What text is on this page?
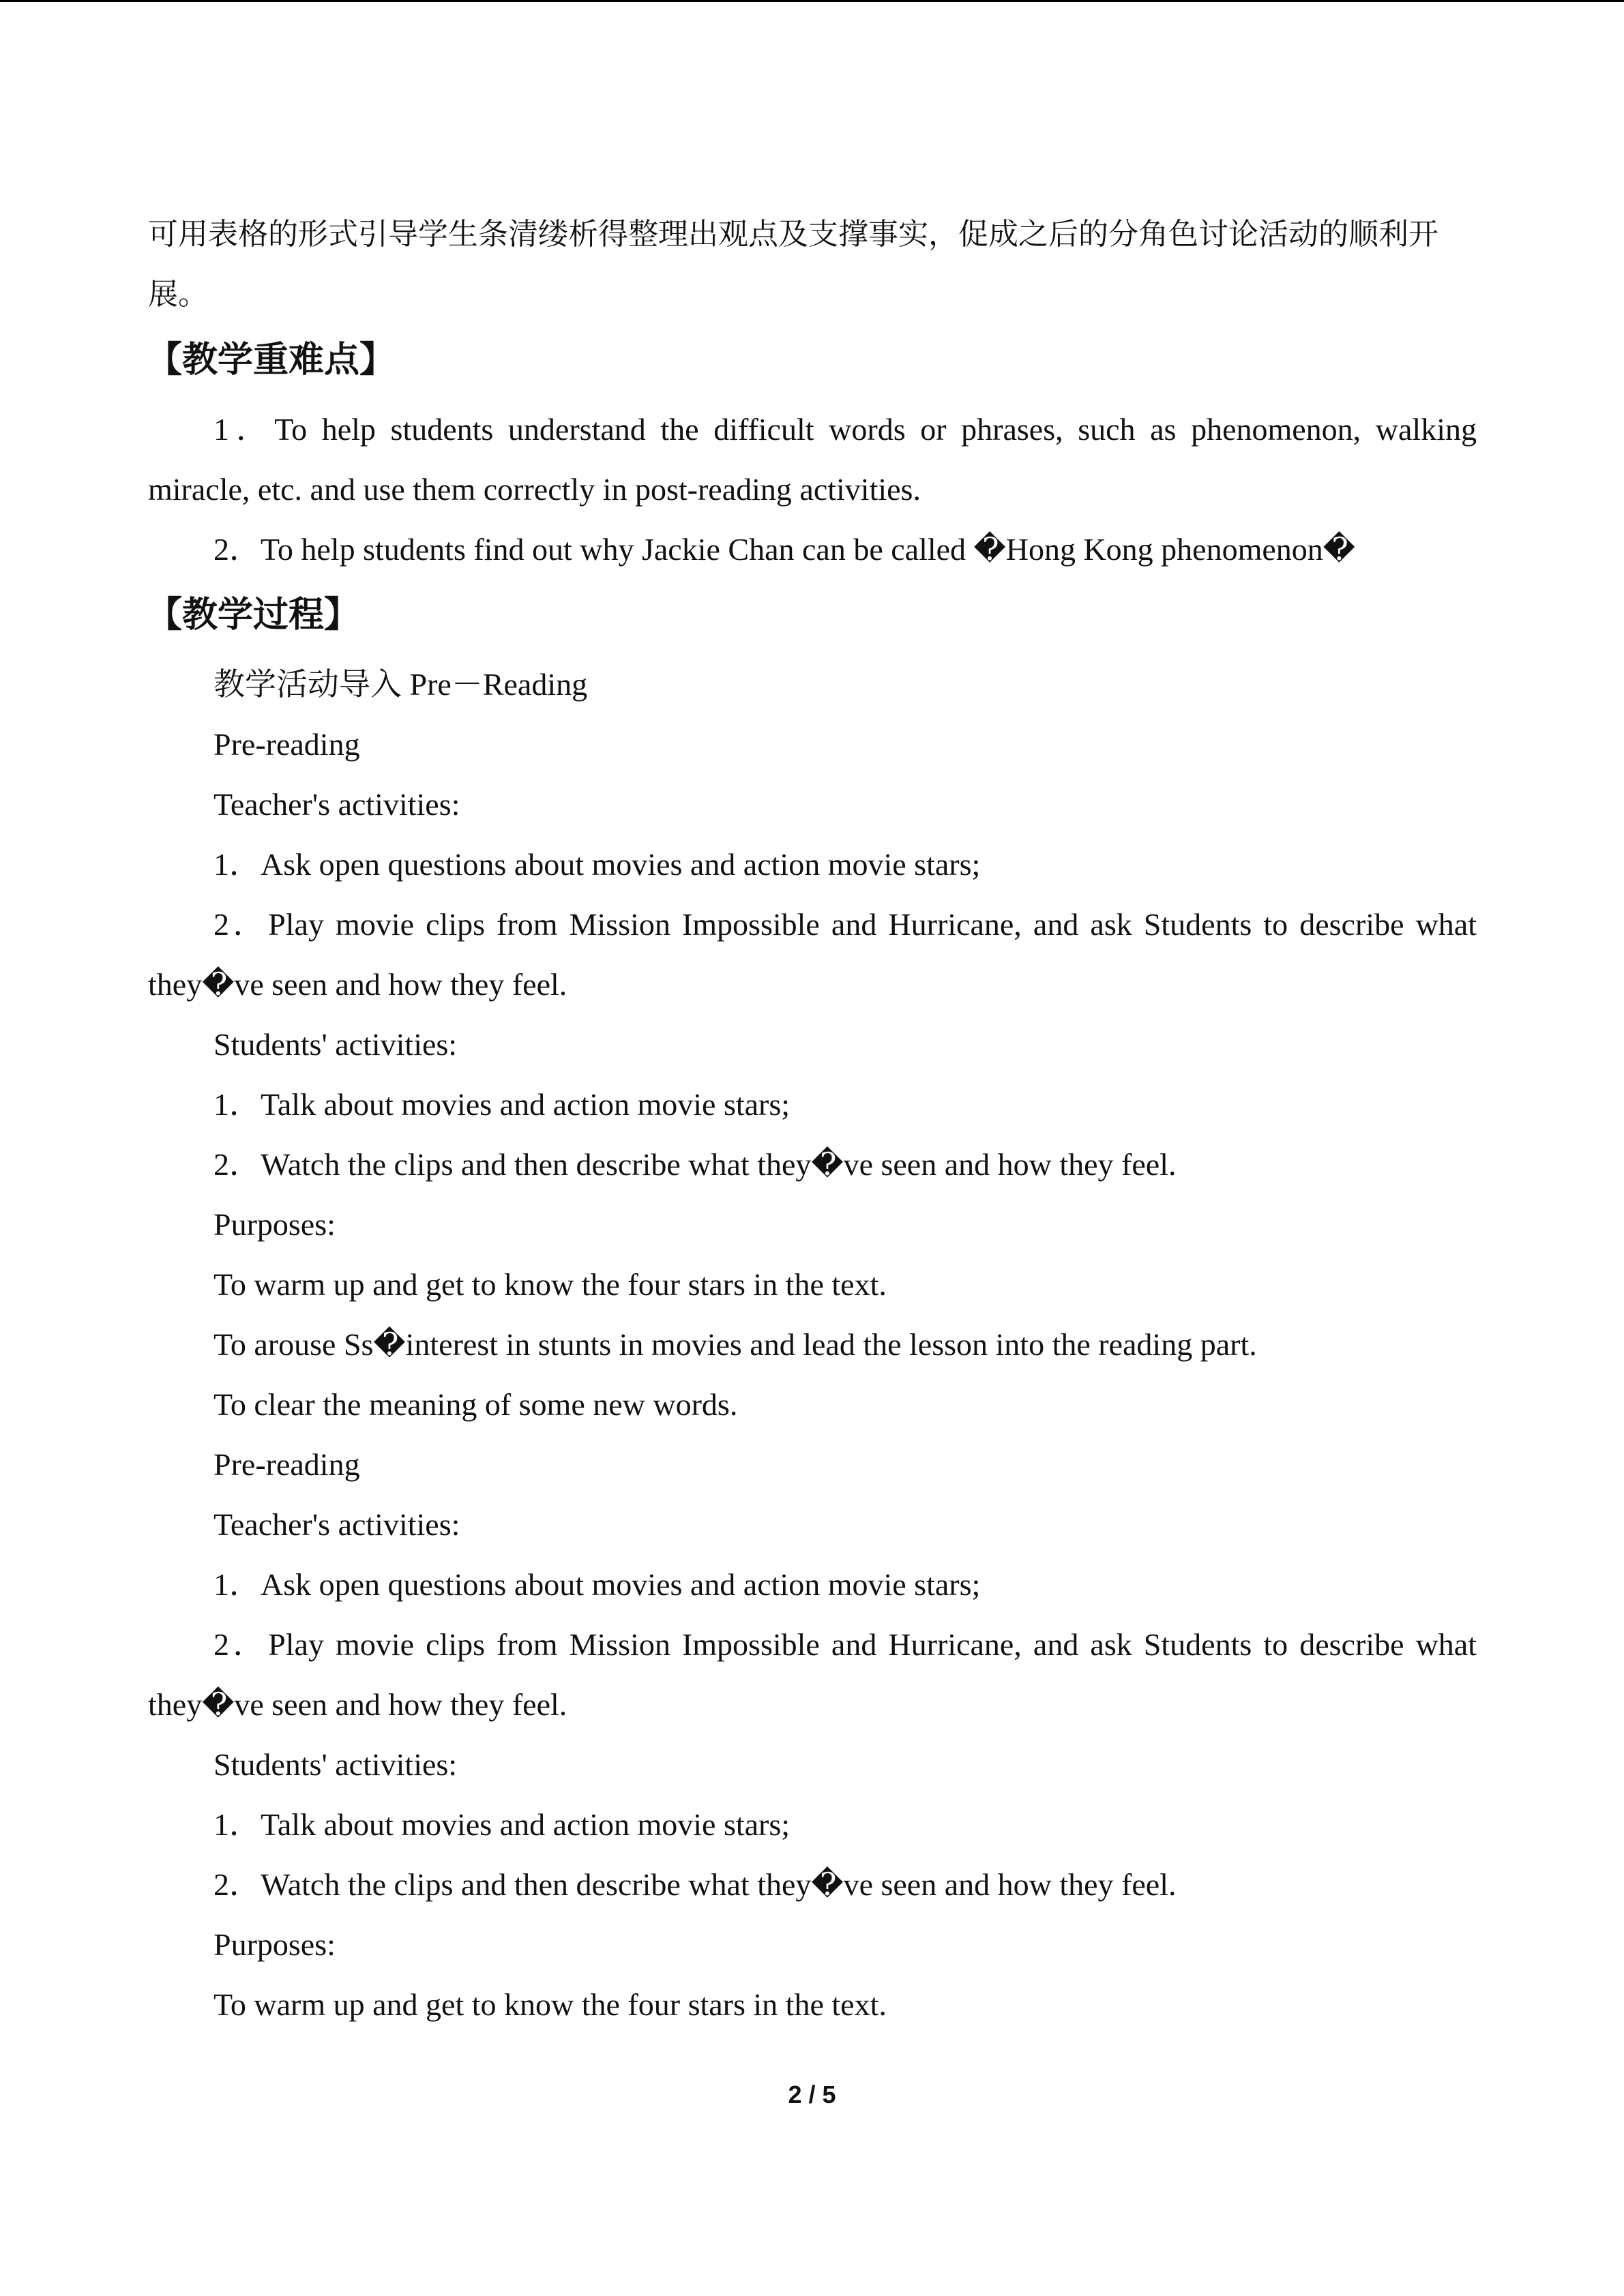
可用表格的形式引导学生条清缕析得整理出观点及支撑事实，促成之后的分角色讨论活动的顺利开展。

【教学重难点】

1．To help students understand the difficult words or phrases, such as phenomenon, walking miracle, etc. and use them correctly in post-reading activities.

2．To help students find out why Jackie Chan can be called �Hong Kong phenomenon�

【教学过程】

教学活动导入 Pre－Reading

Pre-reading

Teacher's activities:

1．Ask open questions about movies and action movie stars;

2．Play movie clips from Mission Impossible and Hurricane, and ask Students to describe what they�ve seen and how they feel.

Students' activities:

1．Talk about movies and action movie stars;

2．Watch the clips and then describe what they�ve seen and how they feel.

Purposes:

To warm up and get to know the four stars in the text.

To arouse Ss�interest in stunts in movies and lead the lesson into the reading part.

To clear the meaning of some new words.

Pre-reading

Teacher's activities:

1．Ask open questions about movies and action movie stars;

2．Play movie clips from Mission Impossible and Hurricane, and ask Students to describe what they�ve seen and how they feel.

Students' activities:

1．Talk about movies and action movie stars;

2．Watch the clips and then describe what they�ve seen and how they feel.

Purposes:

To warm up and get to know the four stars in the text.

2 / 5
